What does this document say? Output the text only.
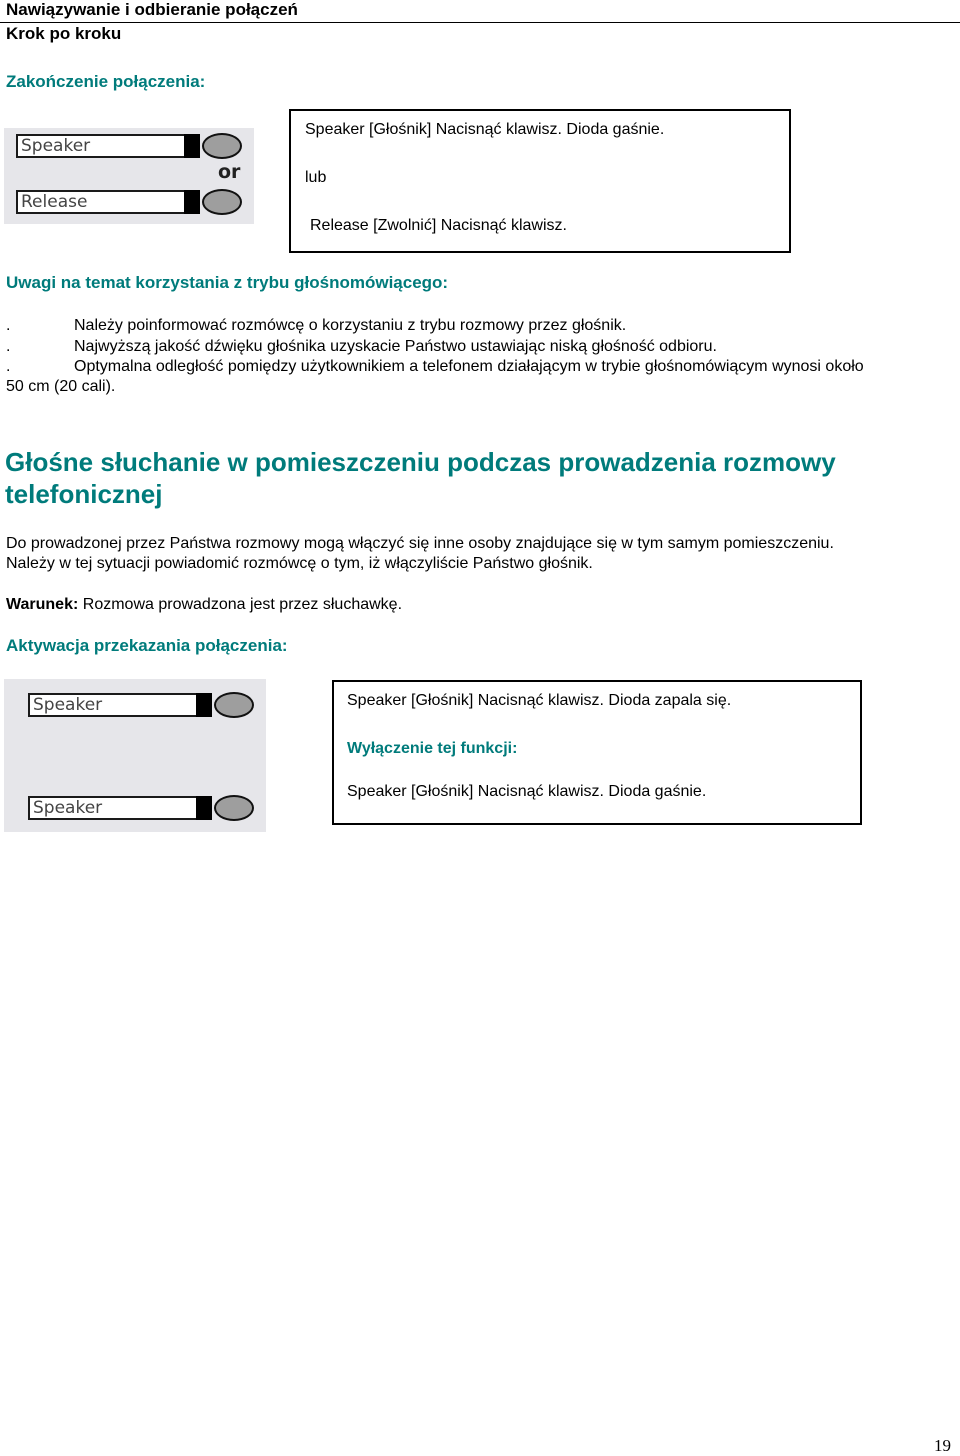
Nawiązywanie i odbieranie połączeń
Krok po kroku
Zakończenie połączenia:
Speaker
or
Release
Speaker [Głośnik] Nacisnąć klawisz. Dioda gaśnie.
lub
Release [Zwolnić] Nacisnąć klawisz.
Uwagi na temat korzystania z trybu głośnomówiącego:
.	Należy poinformować rozmówcę o korzystaniu z trybu rozmowy przez głośnik.
.	Najwyższą jakość dźwięku głośnika uzyskacie Państwo ustawiając niską głośność odbioru.
.	Optymalna odległość pomiędzy użytkownikiem a telefonem działającym w trybie głośnomówiącym wynosi około
50 cm (20 cali).
Głośne słuchanie w pomieszczeniu podczas prowadzenia rozmowy
telefonicznej
Do prowadzonej przez Państwa rozmowy mogą włączyć się inne osoby znajdujące się w tym samym pomieszczeniu.
Należy w tej sytuacji powiadomić rozmówcę o tym, iż włączyliście Państwo głośnik.
Warunek: Rozmowa prowadzona jest przez słuchawkę.
Aktywacja przekazania połączenia:
Speaker
Speaker
Speaker [Głośnik] Nacisnąć klawisz. Dioda zapala się.
Wyłączenie tej funkcji:
Speaker [Głośnik] Nacisnąć klawisz. Dioda gaśnie.
19
